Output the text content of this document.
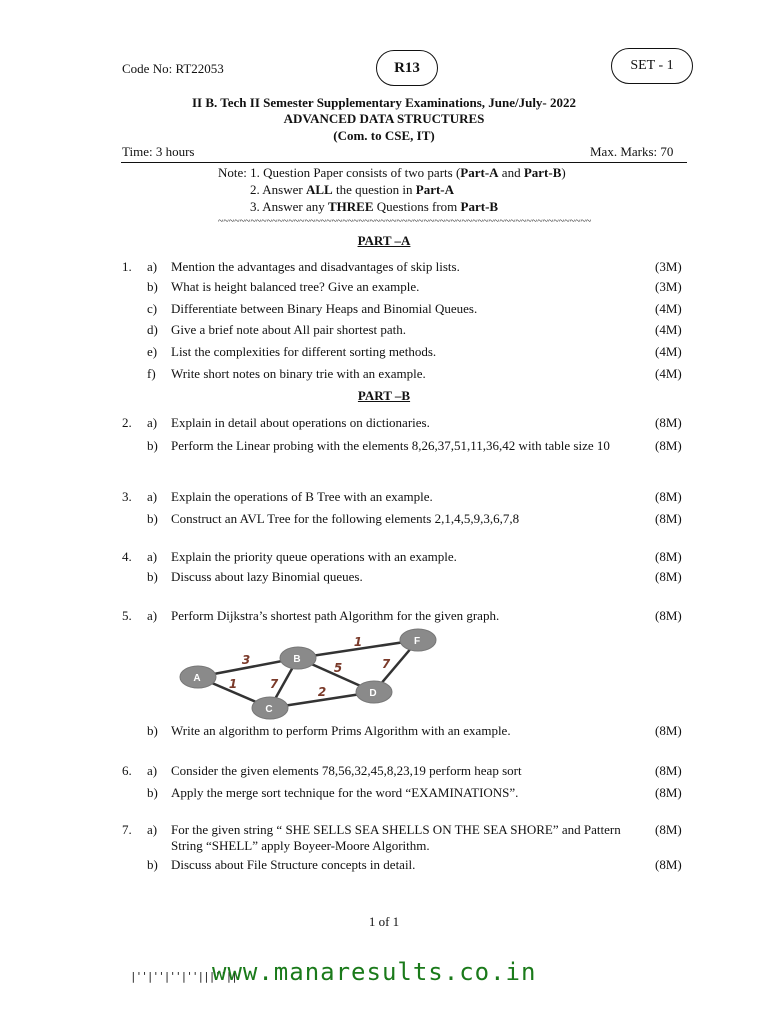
Code No: RT22053	R13	SET - 1
II B. Tech II Semester Supplementary Examinations, June/July- 2022
ADVANCED DATA STRUCTURES
(Com. to CSE, IT)
Time: 3 hours	Max. Marks: 70
Note: 1. Question Paper consists of two parts (Part-A and Part-B)
2. Answer ALL the question in Part-A
3. Answer any THREE Questions from Part-B
~~~~~~~~~~~~~~~~~~~~~~~~~~~~~~~~~~~~~~~~~~~~~~~~~~~~~~~~~~~~~~~~~~~~~
PART –A
1. a) Mention the advantages and disadvantages of skip lists.	(3M)
b) What is height balanced tree? Give an example.	(3M)
c) Differentiate between Binary Heaps and Binomial Queues.	(4M)
d) Give a brief note about All pair shortest path.	(4M)
e) List the complexities for different sorting methods.	(4M)
f) Write short notes on binary trie with an example.	(4M)
PART –B
2. a) Explain in detail about operations on dictionaries.	(8M)
b) Perform the Linear probing with the elements 8,26,37,51,11,36,42 with table size 10	(8M)
3. a) Explain the operations of B Tree with an example.	(8M)
b) Construct an AVL Tree for the following elements 2,1,4,5,9,3,6,7,8	(8M)
4. a) Explain the priority queue operations with an example.	(8M)
b) Discuss about lazy Binomial queues.	(8M)
5. a) Perform Dijkstra’s shortest path Algorithm for the given graph.	(8M)
A
B
C
D
F
3
1	7
1
5
2
7
b) Write an algorithm to perform Prims Algorithm with an example.	(8M)
6. a) Consider the given elements 78,56,32,45,8,23,19 perform heap sort	(8M)
b) Apply the merge sort technique for the word “EXAMINATIONS”.	(8M)
7. a) For the given string “ SHE SELLS SEA SHELLS ON THE SEA SHORE” and Pattern String “SHELL” apply Boyeer-Moore Algorithm.
(8M)
b) Discuss about File Structure concepts in detail.	(8M)
1 of 1
|''|''|''|''|||''||
www.manaresults.co.in
